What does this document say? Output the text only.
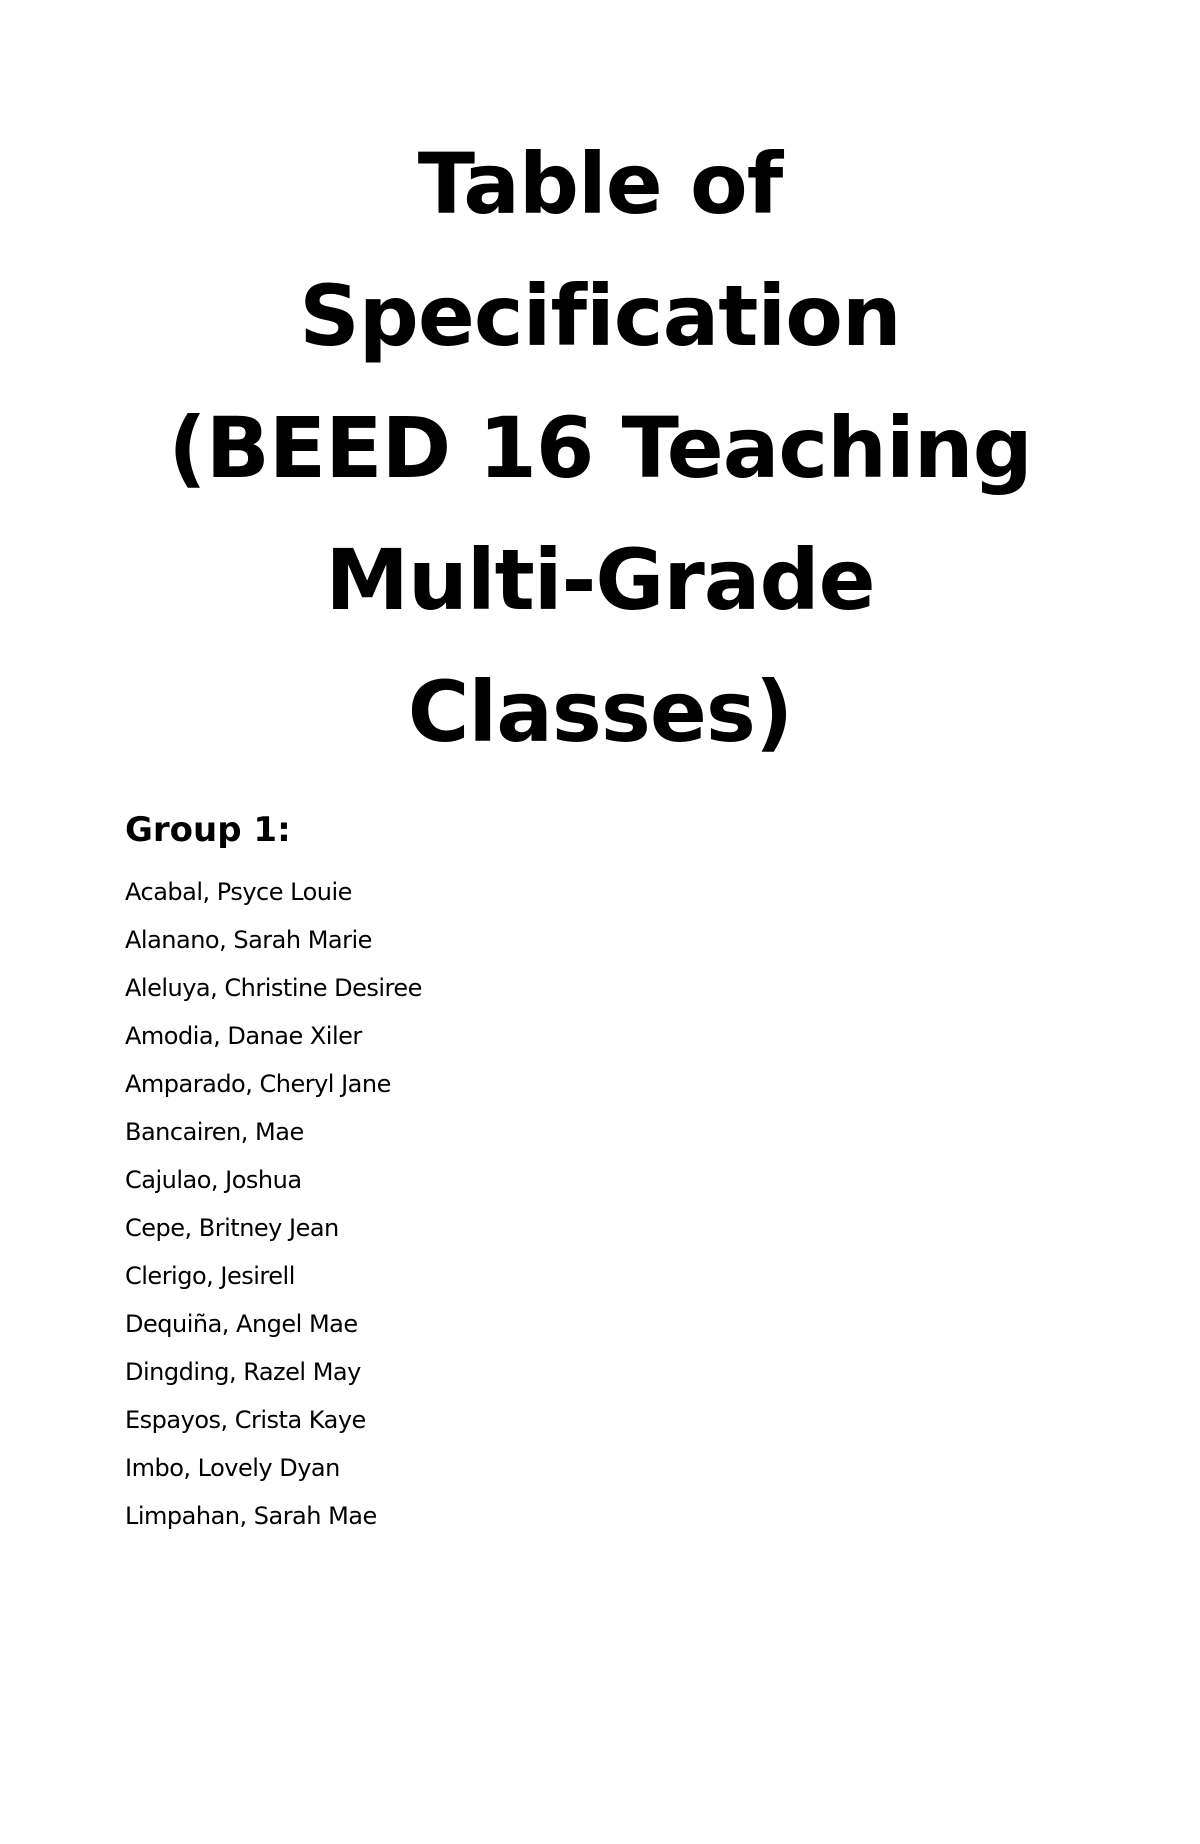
Table of
Specification
(BEED 16 Teaching
Multi-Grade
Classes)
Group 1:
Acabal, Psyce Louie
Alanano, Sarah Marie
Aleluya, Christine Desiree
Amodia, Danae Xiler
Amparado, Cheryl Jane
Bancairen, Mae
Cajulao, Joshua
Cepe, Britney Jean
Clerigo, Jesirell
Dequiña, Angel Mae
Dingding, Razel May
Espayos, Crista Kaye
Imbo, Lovely Dyan
Limpahan, Sarah Mae
